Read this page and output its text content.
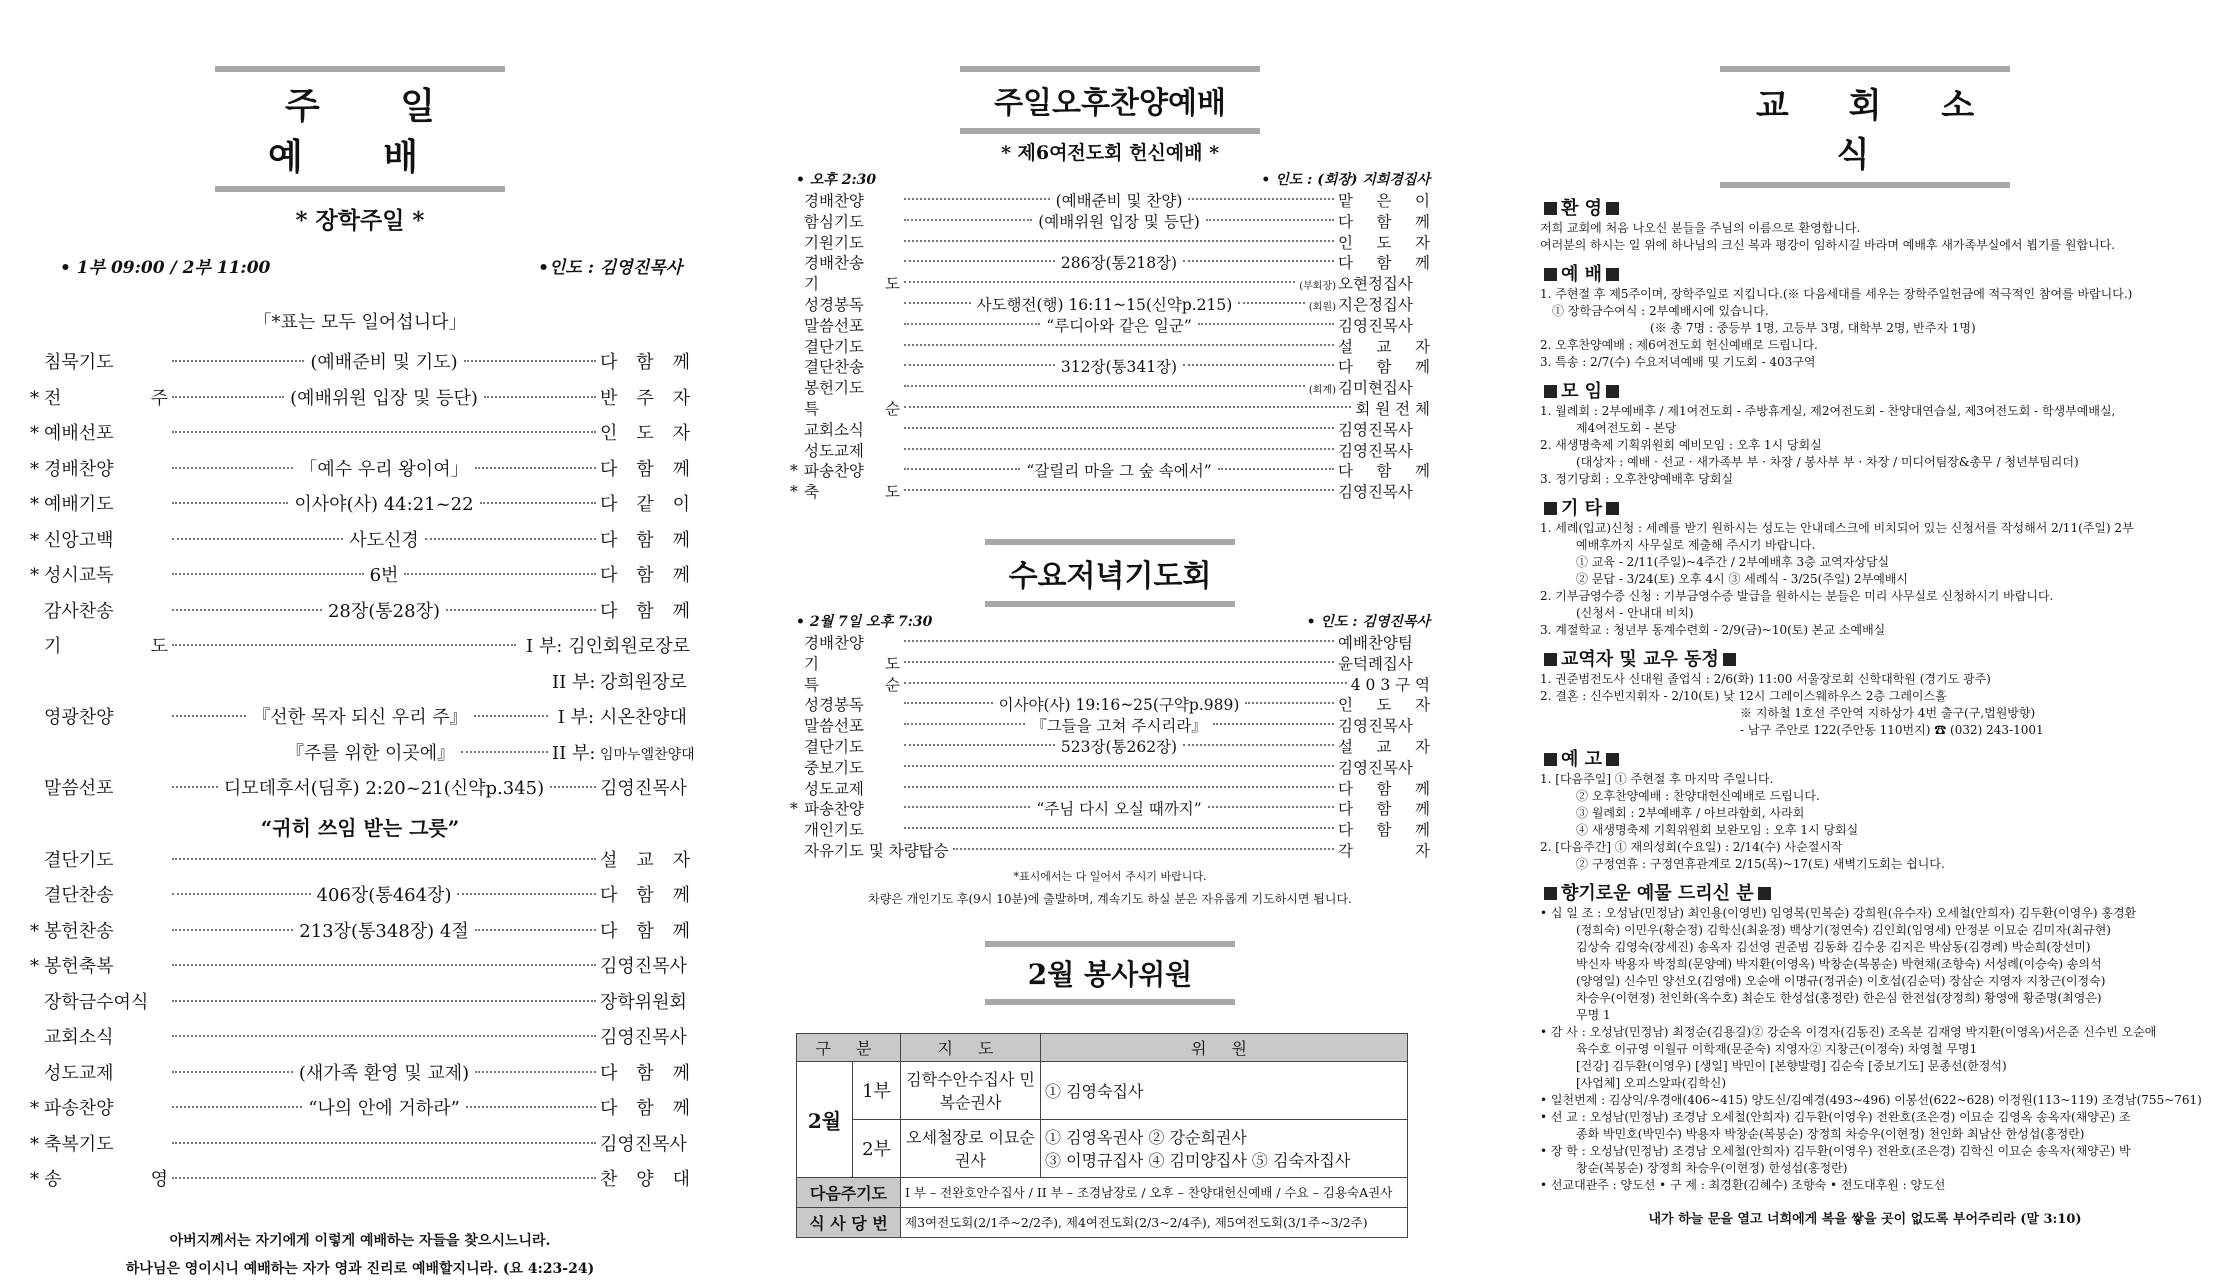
주 일 예 배
* 장학주일 *
• 1부 09:00 / 2부 11:00	•인도 : 김영진목사
「*표는 모두 일어섭니다」
침묵기도	(예배준비 및 기도)	다 함 께
* 전 주	(예배위원 입장 및 등단)	반 주 자
* 예배선포	인 도 자
* 경배찬양	「예수 우리 왕이여」	다 함 께
* 예배기도	이사야(사) 44:21~22	다 같 이
* 신앙고백	사도신경	다 함 께
* 성시교독	6번	다 함 께
감사찬송	28장(통28장)	다 함 께
기 도	I 부: 김인회원로장로
II 부: 강희원장로
영광찬양	『선한 목자 되신 우리 주』	I 부: 시온찬양대
『주를 위한 이곳에』	II 부: 임마누엘찬양대
말씀선포	디모데후서(딤후) 2:20~21(신약p.345)	김영진목사
“귀히 쓰임 받는 그릇”
결단기도	설 교 자
결단찬송	406장(통464장)	다 함 께
* 봉헌찬송	213장(통348장) 4절	다 함 께
* 봉헌축복	김영진목사
장학금수여식	장학위원회
교회소식	김영진목사
성도교제	(새가족 환영 및 교제)	다 함 께
* 파송찬양	“나의 안에 거하라”	다 함 께
* 축복기도	김영진목사
* 송 영	찬 양 대
아버지께서는 자기에게 이렇게 예배하는 자들을 찾으시느니라.
하나님은 영이시니 예배하는 자가 영과 진리로 예배할지니라. (요 4:23-24)
주일오후찬양예배
* 제6여전도회 헌신예배 *
• 오후 2:30	• 인도 : (회장) 지희경집사
경배찬양	(예배준비 및 찬양)	맡 은 이
함심기도	(예배위원 입장 및 등단)	다 함 께
기원기도	인 도 자
경배찬송	286장(통218장)	다 함 께
기 도	(부회장) 오현정집사
성경봉독	사도행전(행) 16:11~15(신약p.215)	(회원) 지은정집사
말씀선포	“루디아와 같은 일군”	김영진목사
결단기도	설 교 자
결단찬송	312장(통341장)	다 함 께
봉헌기도	(회계) 김미현집사
특 순	회 원 전 체
교회소식	김영진목사
성도교제	김영진목사
* 파송찬양	“갈릴리 마을 그 숲 속에서”	다 함 께
* 축 도	김영진목사
수요저녁기도회
• 2월 7일 오후 7:30	• 인도 : 김영진목사
경배찬양	예배찬양팀
기 도	윤덕례집사
특 순	4 0 3 구 역
성경봉독	이사야(사) 19:16~25(구약p.989)	인 도 자
말씀선포	『그들을 고쳐 주시리라』	김영진목사
결단기도	523장(통262장)	설 교 자
중보기도	김영진목사
성도교제	다 함 께
* 파송찬양	“주님 다시 오실 때까지”	다 함 께
개인기도	다 함 께
자유기도 및 차량탑승	각 자
*표시에서는 다 일어서 주시기 바랍니다.
차량은 개인기도 후(9시 10분)에 출발하며, 계속기도 하실 분은 자유롭게 기도하시면 됩니다.
2월 봉사위원
구 분		지 도	위 원
2월	1부	김학수안수집사 민복순권사	① 김영숙집사
	2부	오세철장로 이묘순권사	① 김영옥권사 ② 강순희권사
③ 이명규집사 ④ 김미양집사 ⑤ 김숙자집사

다음주기도		I 부 – 전완호안수집사 / II 부 – 조경남장로 / 오후 – 찬양대헌신예배 / 수요 – 김용숙A권사	
식 사 당 번		제3여전도회(2/1주~2/2주), 제4여전도회(2/3~2/4주), 제5여전도회(3/1주~3/2주)	
교 회 소 식
환 영
저희 교회에 처음 나오신 분들을 주님의 이름으로 환영합니다.
여러분의 하시는 일 위에 하나님의 크신 복과 평강이 임하시길 바라며 예배후 새가족부실에서 뵙기를 원합니다.
예 배
1. 주현절 후 제5주이며, 장학주일로 지킵니다.(※ 다음세대를 세우는 장학주일헌금에 적극적인 참여를 바랍니다.)
① 장학금수여식 : 2부예배시에 있습니다.
(※ 총 7명 : 중등부 1명, 고등부 3명, 대학부 2명, 반주자 1명)
2. 오후찬양예배 : 제6여전도회 헌신예배로 드립니다.
3. 특송 : 2/7(수) 수요저녁예배 및 기도회 - 403구역
모 임
1. 월례회 : 2부예배후 / 제1여전도회 - 주방휴게실, 제2여전도회 - 찬양대연습실, 제3여전도회 - 학생부예배실,
제4여전도회 - 본당
2. 새생명축제 기획위원회 예비모임 : 오후 1시 당회실
(대상자 : 예배 · 선교 · 새가족부 부 · 차장 / 봉사부 부 · 차장 / 미디어팀장&총무 / 청년부팀리더)
3. 정기당회 : 오후찬양예배후 당회실
기 타
1. 세례(입교)신청 : 세례를 받기 원하시는 성도는 안내데스크에 비치되어 있는 신청서를 작성해서 2/11(주일) 2부
예배후까지 사무실로 제출해 주시기 바랍니다.
① 교육 - 2/11(주일)~4주간 / 2부예배후 3층 교역자상담실
② 문답 - 3/24(토) 오후 4시 ③ 세례식 - 3/25(주일) 2부예배시
2. 기부금영수증 신청 : 기부금영수증 발급을 원하시는 분들은 미리 사무실로 신청하시기 바랍니다.
(신청서 - 안내대 비치)
3. 계절학교 : 청년부 동계수련회 - 2/9(금)~10(토) 본교 소예배실
교역자 및 교우 동정
1. 권준범전도사 신대원 졸업식 : 2/6(화) 11:00 서울장로회 신학대학원 (경기도 광주)
2. 결혼 : 신수빈지휘자 - 2/10(토) 낮 12시 그레이스웨하우스 2층 그레이스홀
※ 지하철 1호선 주안역 지하상가 4번 출구(구,법원방향)
- 남구 주안로 122(주안동 110번지) ☎ (032) 243-1001
예 고
1. [다음주일] ① 주현절 후 마지막 주일니다.
② 오후찬양예배 : 찬양대헌신예배로 드립니다.
③ 월례회 : 2부예배후 / 아브라함회, 사라회
④ 새생명축제 기획위원회 보완모임 : 오후 1시 당회실
2. [다음주간] ① 재의성회(수요일) : 2/14(수) 사순절시작
② 구정연휴 : 구정연휴관계로 2/15(목)~17(토) 새벽기도회는 쉽니다.
향기로운 예물 드리신 분
• 십 일 조 : 오성남(민정남) 최인용(이영빈) 임영복(민복순) 강희원(유수자) 오세철(안희자) 김두환(이영우) 홍경환
(정희숙) 이민우(황순정) 김학신(최윤정) 백상기(정연숙) 김인회(임영세) 안정분 이묘순 김미자(최규현)
김상숙 김영숙(장세진) 송옥자 김선영 권준범 김동화 김수웅 김지은 박삼동(김경례) 박순희(장선미)
박신자 박용자 박정희(문양예) 박지환(이영옥) 박창순(복봉순) 박현채(조향숙) 서성례(이승숙) 송의석
(양영일) 신수민 양선오(김영애) 오순애 이명규(정귀순) 이호섭(김순덕) 장삼순 지영자 지창근(이정숙)
차승우(이현정) 천인화(옥수호) 최순도 한성섭(홍정란) 한은심 한전섭(장정희) 황영애 황준명(최영은)
무명 1
• 감 사 : 오성남(민정남) 최정순(김용길)② 강순옥 이경자(김동진) 조옥분 김재영 박지환(이영옥)서은준 신수빈 오순애
육수호 이규영 이월규 이학재(문준숙) 지영자② 지창근(이정숙) 차영철 무명1
[건강] 김두환(이영우) [생일] 박민이 [본향발령] 김순숙 [중보기도] 문종선(한정석)
[사업체] 오피스알파(김학신)
• 일천번제 : 김상익/우경애(406~415) 양도신/김예경(493~496) 이봉선(622~628) 이정원(113~119) 조경남(755~761)
• 선 교 : 오성남(민정남) 조경남 오세철(안희자) 김두환(이영우) 전완호(조은경) 이묘순 김영옥 송옥자(채양곤) 조
종화 박민호(박민수) 박용자 박창순(복봉순) 장정희 차승우(이현정) 천인화 최남산 한성섭(홍정란)
• 장 학 : 오성남(민정남) 조경남 오세철(안희자) 김두환(이영우) 전완호(조은경) 김학신 이묘순 송옥자(채양곤) 박
창순(복봉순) 장정희 차승우(이현정) 한성섭(홍정란)
• 선교대관주 : 양도선 • 구 제 : 최경환(김혜수) 조향숙 • 전도대후원 : 양도선
내가 하늘 문을 열고 너희에게 복을 쌓을 곳이 없도록 부어주리라 (말 3:10)
